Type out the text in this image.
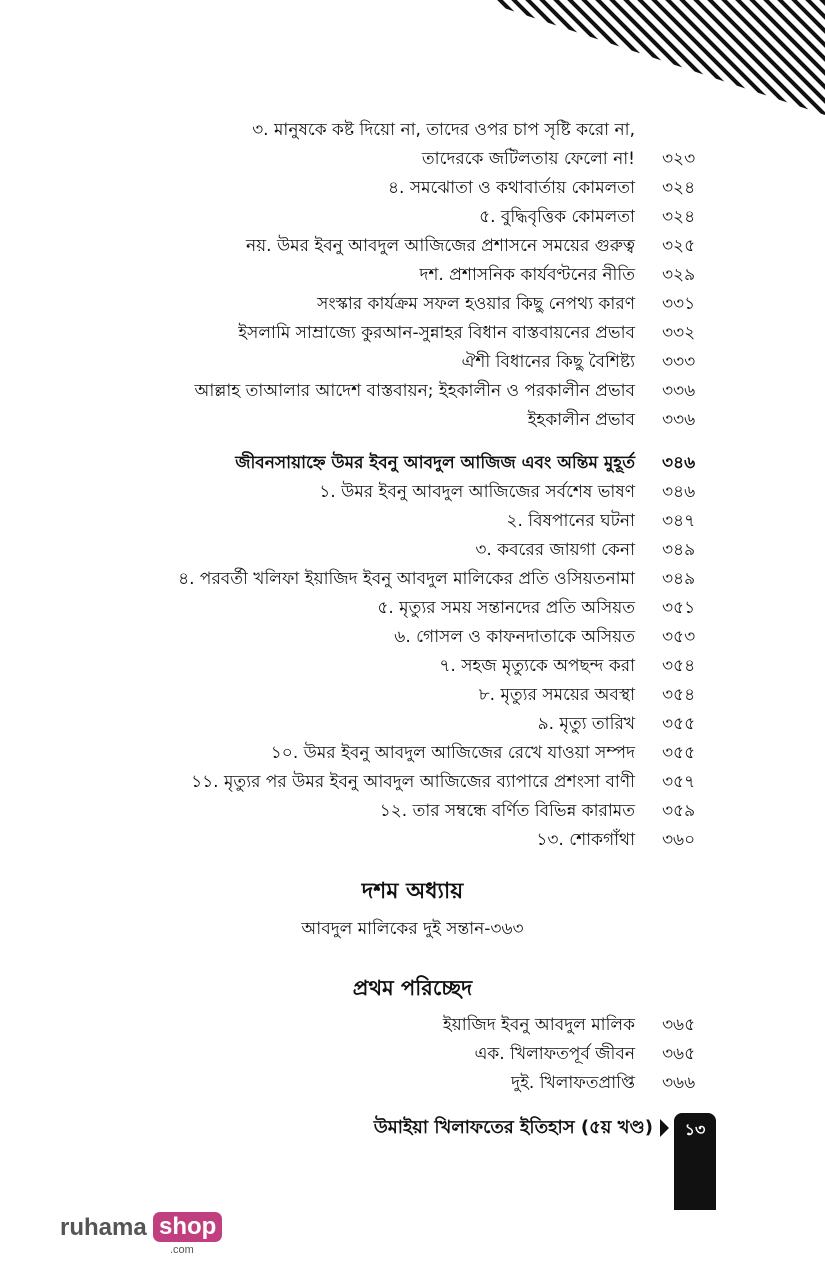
৩. মানুষকে কষ্ট দিয়ো না, তাদের ওপর চাপ সৃষ্টি করো না,
তাদেরকে জটিলতায় ফেলো না! ৩২৩
৪. সমঝোতা ও কথাবার্তায় কোমলতা ৩২৪
৫. বুদ্ধিবৃত্তিক কোমলতা ৩২৪
নয়. উমর ইবনু আবদুল আজিজের প্রশাসনে সময়ের গুরুত্ব ৩২৫
দশ. প্রশাসনিক কার্যবণ্টনের নীতি ৩২৯
সংস্কার কার্যক্রম সফল হওয়ার কিছু নেপথ্য কারণ ৩৩১
ইসলামি সাম্রাজ্যে কুরআন-সুন্নাহর বিধান বাস্তবায়নের প্রভাব ৩৩২
ঐশী বিধানের কিছু বৈশিষ্ট্য ৩৩৩
আল্লাহ তাআলার আদেশ বাস্তবায়ন; ইহকালীন ও পরকালীন প্রভাব ৩৩৬
ইহকালীন প্রভাব ৩৩৬
জীবনসায়াহ্নে উমর ইবনু আবদুল আজিজ এবং অন্তিম মুহূর্ত ৩৪৬
১. উমর ইবনু আবদুল আজিজের সর্বশেষ ভাষণ ৩৪৬
২. বিষপানের ঘটনা ৩৪৭
৩. কবরের জায়গা কেনা ৩৪৯
৪. পরবর্তী খলিফা ইয়াজিদ ইবনু আবদুল মালিকের প্রতি ওসিয়তনামা ৩৪৯
৫. মৃত্যুর সময় সন্তানদের প্রতি অসিয়ত ৩৫১
৬. গোসল ও কাফনদাতাকে অসিয়ত ৩৫৩
৭. সহজ মৃত্যুকে অপছন্দ করা ৩৫৪
৮. মৃত্যুর সময়ের অবস্থা ৩৫৪
৯. মৃত্যু তারিখ ৩৫৫
১০. উমর ইবনু আবদুল আজিজের রেখে যাওয়া সম্পদ ৩৫৫
১১. মৃত্যুর পর উমর ইবনু আবদুল আজিজের ব্যাপারে প্রশংসা বাণী ৩৫৭
১২. তার সম্বন্ধে বর্ণিত বিভিন্ন কারামত ৩৫৯
১৩. শোকগাঁথা ৩৬০
দশম অধ্যায়
আবদুল মালিকের দুই সন্তান-৩৬৩
প্রথম পরিচ্ছেদ
ইয়াজিদ ইবনু আবদুল মালিক ৩৬৫
এক. খিলাফতপূর্ব জীবন ৩৬৫
দুই. খিলাফতপ্রাপ্তি ৩৬৬
উমাইয়া খিলাফতের ইতিহাস (৫য় খণ্ড)	১৩
ruhama shop
.com
